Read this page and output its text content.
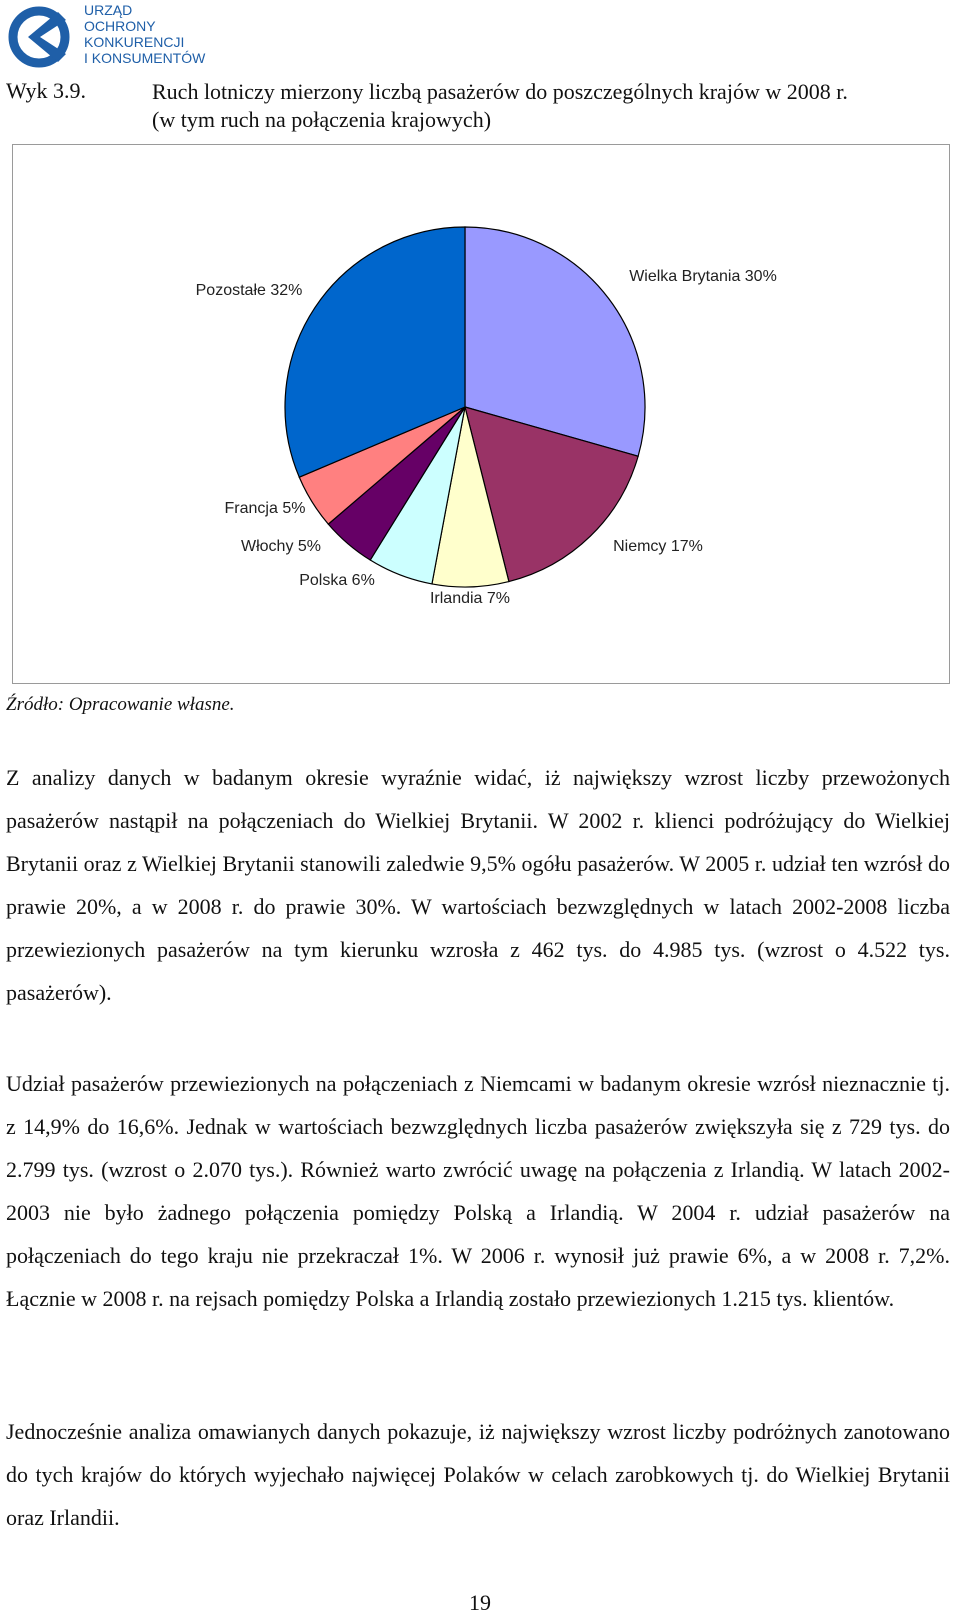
URZĄD
OCHRONY
KONKURENCJI
I KONSUMENTÓW
Wyk 3.9.	Ruch lotniczy mierzony liczbą pasażerów do poszczególnych krajów w 2008 r.
(w tym ruch na połączenia krajowych)
Wielka Brytania 30%
Niemcy 17%
Irlandia 7%
Polska 6%
Włochy 5%
Francja 5%
Pozostałe 32%
Źródło: Opracowanie własne.

Z analizy danych w badanym okresie wyraźnie widać, iż największy wzrost liczby przewożonych pasażerów nastąpił na połączeniach do Wielkiej Brytanii. W 2002 r. klienci podróżujący do Wielkiej Brytanii oraz z Wielkiej Brytanii stanowili zaledwie 9,5% ogółu pasażerów. W 2005 r. udział ten wzrósł do prawie 20%, a w 2008 r. do prawie 30%. W wartościach bezwzględnych w latach 2002-2008 liczba przewiezionych pasażerów na tym kierunku wzrosła z 462 tys. do 4.985 tys. (wzrost o 4.522 tys. pasażerów).

Udział pasażerów przewiezionych na połączeniach z Niemcami w badanym okresie wzrósł nieznacznie tj. z 14,9% do 16,6%. Jednak w wartościach bezwzględnych liczba pasażerów zwiększyła się z 729 tys. do 2.799 tys. (wzrost o 2.070 tys.). Również warto zwrócić uwagę na połączenia z Irlandią. W latach 2002-2003 nie było żadnego połączenia pomiędzy Polską a Irlandią. W 2004 r. udział pasażerów na połączeniach do tego kraju nie przekraczał 1%. W 2006 r. wynosił już prawie 6%, a w 2008 r. 7,2%. Łącznie w 2008 r. na rejsach pomiędzy Polska a Irlandią zostało przewiezionych 1.215 tys. klientów.

Jednocześnie analiza omawianych danych pokazuje, iż największy wzrost liczby podróżnych zanotowano do tych krajów do których wyjechało najwięcej Polaków w celach zarobkowych tj. do Wielkiej Brytanii oraz Irlandii.

19
